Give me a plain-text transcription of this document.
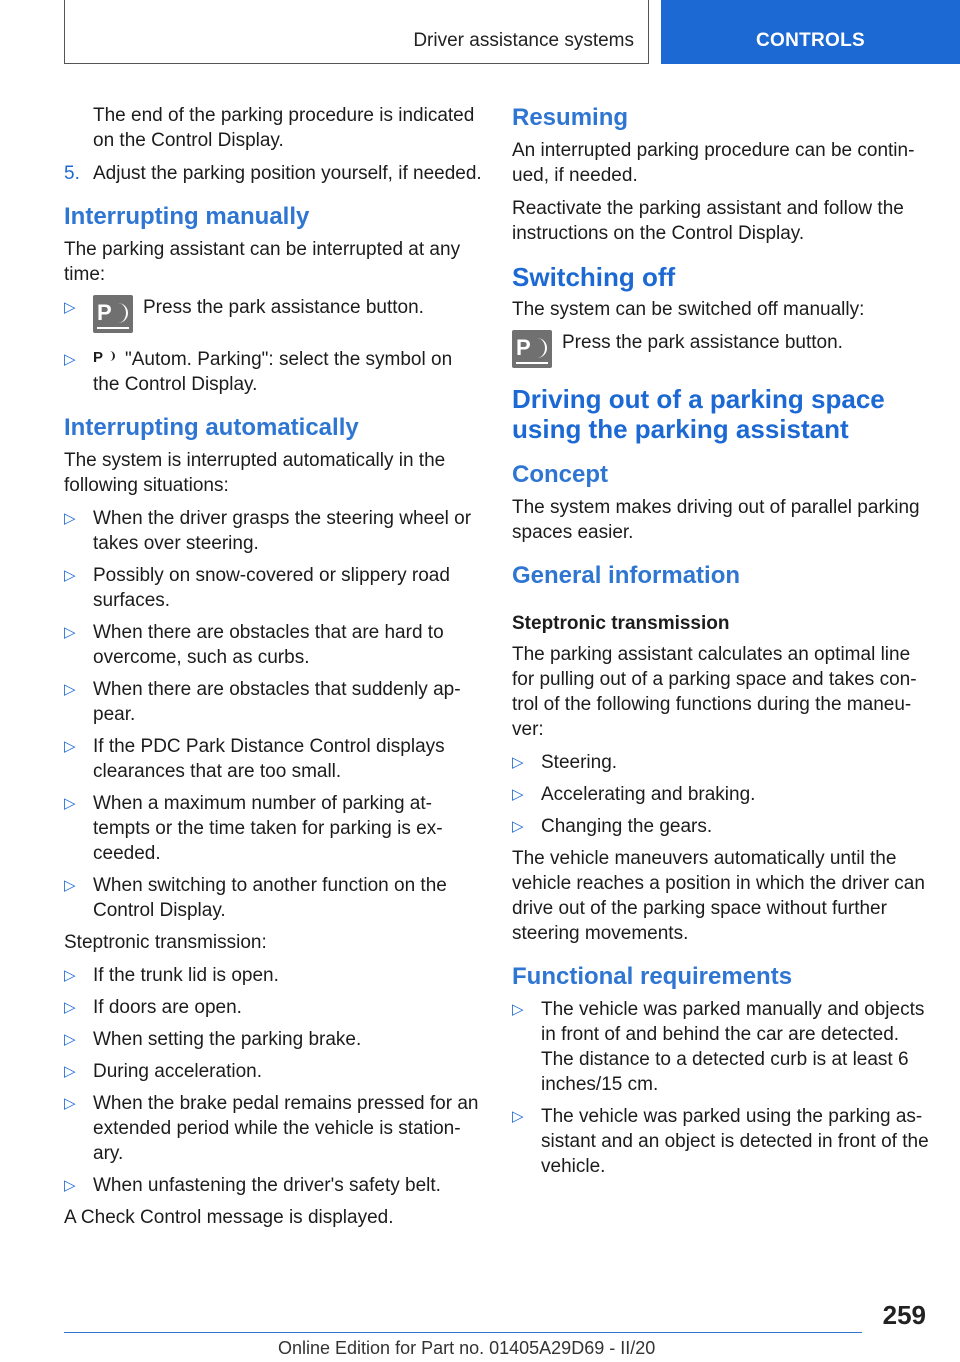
Driver assistance systems	CONTROLS

The end of the parking procedure is indicated on the Control Display.

5. Adjust the parking position yourself, if needed.

Interrupting manually

The parking assistant can be interrupted at any time:

▷ P Press the park assistance button.
▷ P "Autom. Parking": select the symbol on the Control Display.
Interrupting automatically

The system is interrupted automatically in the following situations:

▷ When the driver grasps the steering wheel or takes over steering.
▷ Possibly on snow-covered or slippery road surfaces.
▷ When there are obstacles that are hard to overcome, such as curbs.
▷ When there are obstacles that suddenly ap‐ pear.
▷ If the PDC Park Distance Control displays clearances that are too small.
▷ When a maximum number of parking at‐ tempts or the time taken for parking is ex‐ ceeded.
▷ When switching to another function on the Control Display.

Steptronic transmission:

▷ If the trunk lid is open.
▷ If doors are open.
▷ When setting the parking brake.
▷ During acceleration.
▷ When the brake pedal remains pressed for an extended period while the vehicle is station‐ ary.
▷ When unfastening the driver's safety belt.

A Check Control message is displayed.

Resuming

An interrupted parking procedure can be contin‐ ued, if needed.

Reactivate the parking assistant and follow the instructions on the Control Display.

Switching off

The system can be switched off manually:

P Press the park assistance button.

Driving out of a parking space using the parking assistant
Concept

The system makes driving out of parallel parking spaces easier.

General information
Steptronic transmission

The parking assistant calculates an optimal line for pulling out of a parking space and takes con‐ trol of the following functions during the maneu‐ ver:

▷ Steering.
▷ Accelerating and braking.
▷ Changing the gears.

The vehicle maneuvers automatically until the vehicle reaches a position in which the driver can drive out of the parking space without further steering movements.

Functional requirements
▷ The vehicle was parked manually and objects in front of and behind the car are detected. The distance to a detected curb is at least 6 inches/15 cm.
▷ The vehicle was parked using the parking as‐ sistant and an object is detected in front of the vehicle.
259
Online Edition for Part no. 01405A29D69 - II/20
